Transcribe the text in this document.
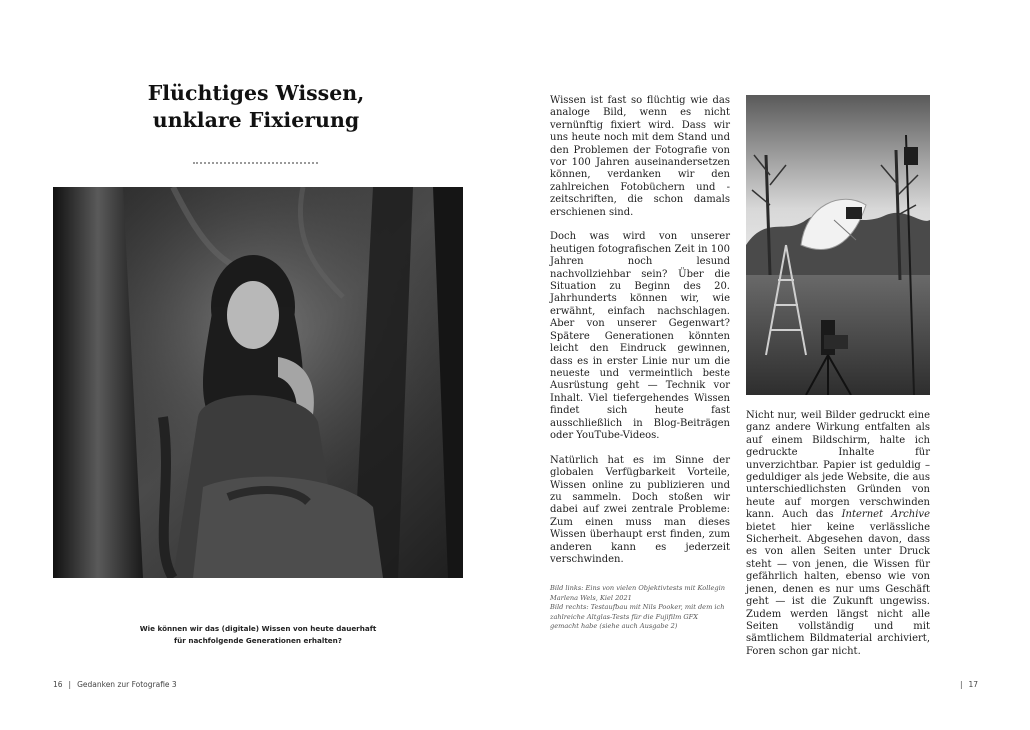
Flüchtiges Wissen,
unklare Fixierung

Wie können wir das (digitale) Wissen von heute dauerhaft
für nachfolgende Generationen erhalten?

Wissen ist fast so flüchtig wie das analoge Bild, wenn es nicht vernünftig fixiert wird. Dass wir uns heute noch mit dem Stand und den Problemen der Fotografie von vor 100 Jahren auseinandersetzen können, verdanken wir den zahlreichen Fotobüchern und -zeitschriften, die schon damals erschienen sind.

Doch was wird von unserer heutigen fotografischen Zeit in 100 Jahren noch lesund nachvollziehbar sein? Über die Situation zu Beginn des 20. Jahrhunderts können wir, wie erwähnt, einfach nachschlagen. Aber von unserer Gegenwart? Spätere Generationen könnten leicht den Eindruck gewinnen, dass es in erster Linie nur um die neueste und vermeintlich beste Ausrüstung geht — Technik vor Inhalt. Viel tiefergehendes Wissen findet sich heute fast ausschließlich in Blog-Beiträgen oder YouTube-Videos.

Natürlich hat es im Sinne der globalen Verfügbarkeit Vorteile, Wissen online zu publizieren und zu sammeln. Doch stoßen wir dabei auf zwei zentrale Probleme: Zum einen muss man dieses Wissen überhaupt erst finden, zum anderen kann es jederzeit verschwinden.

Nicht nur, weil Bilder gedruckt eine ganz andere Wirkung entfalten als auf einem Bildschirm, halte ich gedruckte Inhalte für unverzichtbar. Papier ist geduldig – geduldiger als jede Website, die aus unterschiedlichsten Gründen von heute auf morgen verschwinden kann. Auch das Internet Archive bietet hier keine verlässliche Sicherheit. Abgesehen davon, dass es von allen Seiten unter Druck steht — von jenen, die Wissen für gefährlich halten, ebenso wie von jenen, denen es nur ums Geschäft geht — ist die Zukunft ungewiss. Zudem werden längst nicht alle Seiten vollständig und mit sämtlichem Bildmaterial archiviert, Foren schon gar nicht.

Bild links: Eins von vielen Objektivtests mit Kollegin Marlena Wels, Kiel 2021
Bild rechts: Testaufbau mit Nils Pooker, mit dem ich zahlreiche Altglas-Tests für die Fujifilm GFX gemacht habe (siehe auch Ausgabe 2)
16 | Gedanken zur Fotografie 3	| 17
